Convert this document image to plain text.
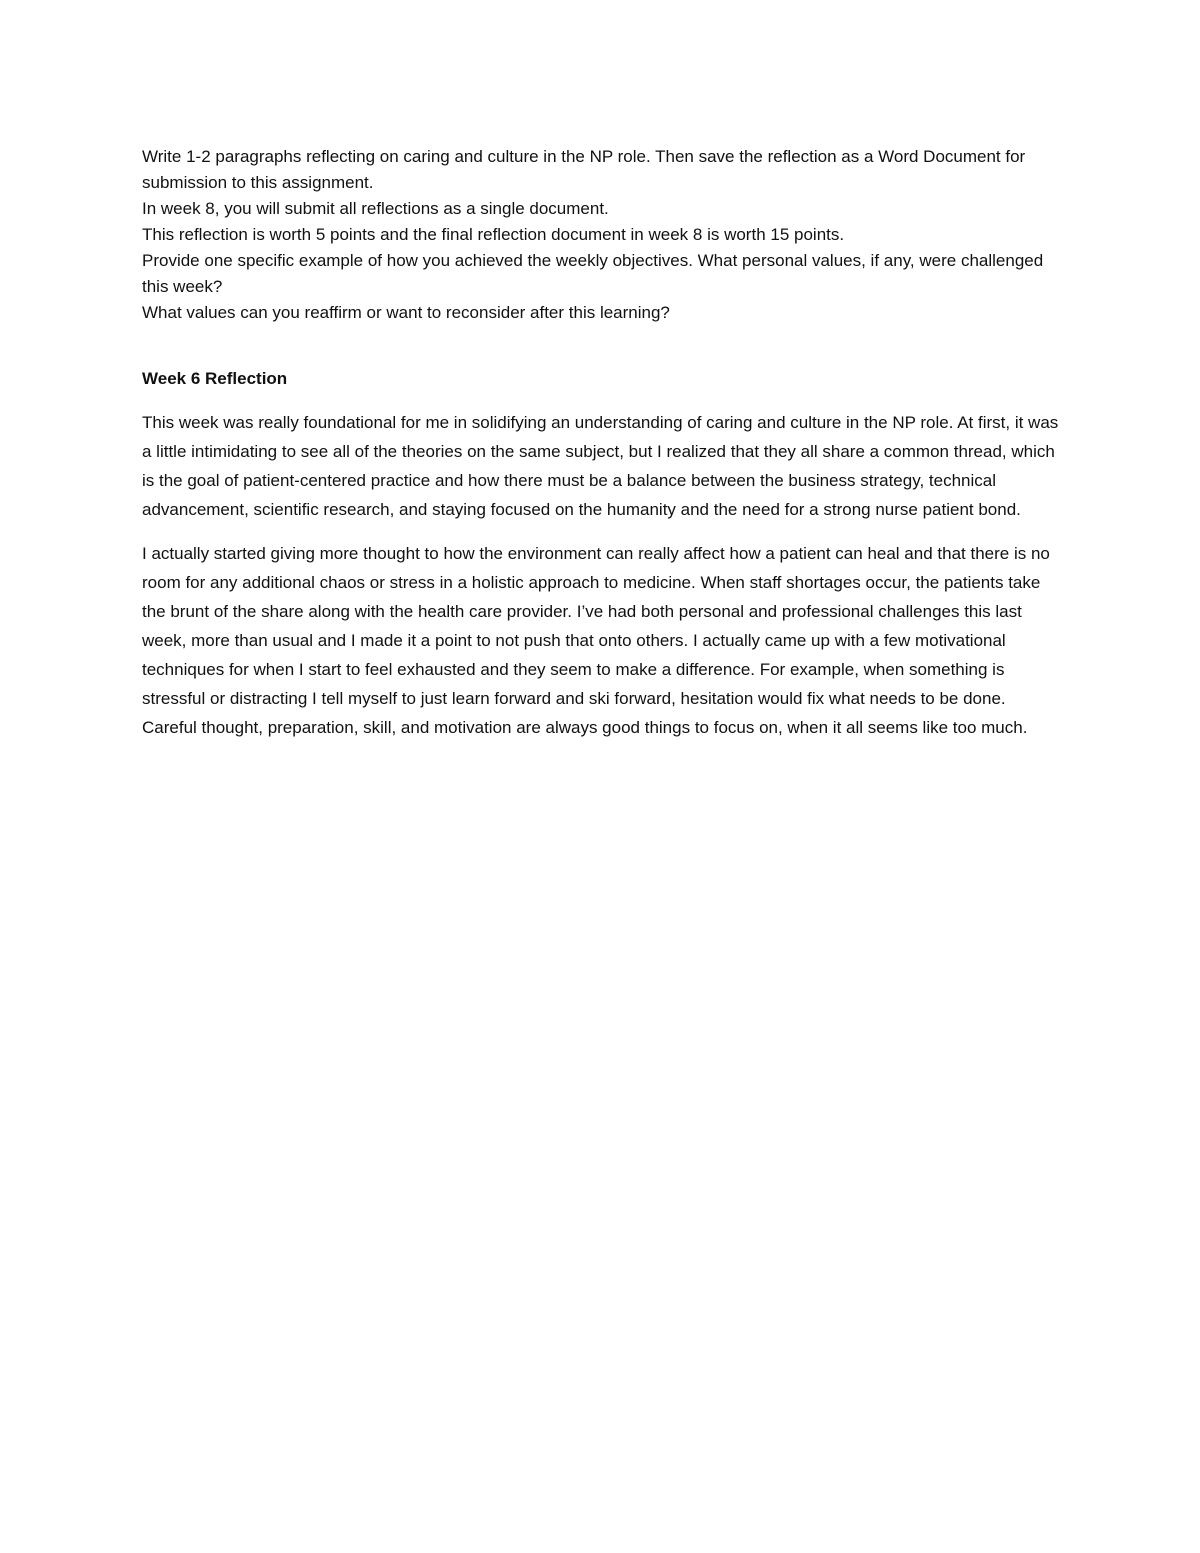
Write 1-2 paragraphs reflecting on caring and culture in the NP role. Then save the reflection as a Word Document for submission to this assignment.
In week 8, you will submit all reflections as a single document.
This reflection is worth 5 points and the final reflection document in week 8 is worth 15 points.
Provide one specific example of how you achieved the weekly objectives. What personal values, if any, were challenged this week?
What values can you reaffirm or want to reconsider after this learning?
Week 6 Reflection

This week was really foundational for me in solidifying an understanding of caring and culture in the NP role. At first, it was a little intimidating to see all of the theories on the same subject, but I realized that they all share a common thread, which is the goal of patient-centered practice and how there must be a balance between the business strategy, technical advancement, scientific research, and staying focused on the humanity and the need for a strong nurse patient bond.

I actually started giving more thought to how the environment can really affect how a patient can heal and that there is no room for any additional chaos or stress in a holistic approach to medicine. When staff shortages occur, the patients take the brunt of the share along with the health care provider. I’ve had both personal and professional challenges this last week, more than usual and I made it a point to not push that onto others. I actually came up with a few motivational techniques for when I start to feel exhausted and they seem to make a difference. For example, when something is stressful or distracting I tell myself to just learn forward and ski forward, hesitation would fix what needs to be done. Careful thought, preparation, skill, and motivation are always good things to focus on, when it all seems like too much.
